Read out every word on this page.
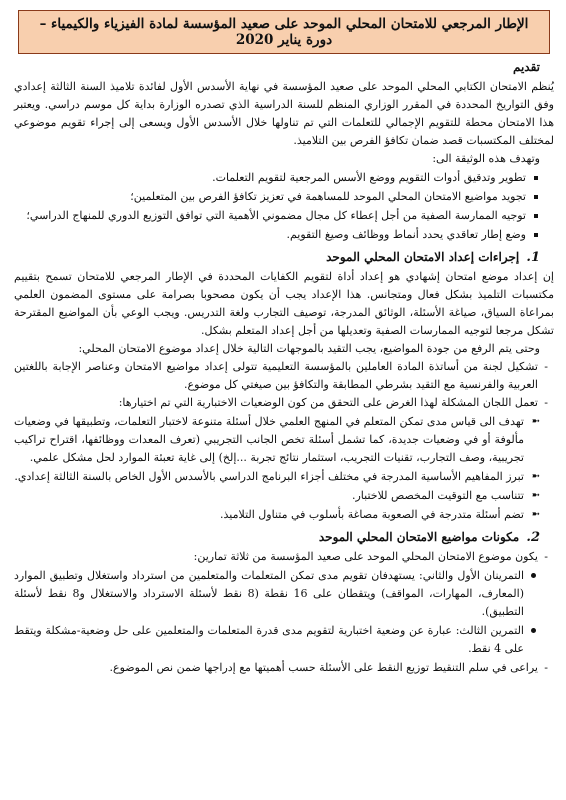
الإطار المرجعي للامتحان المحلي الموحد على صعيد المؤسسة لمادة الفيزياء والكيمياء – دورة يناير 2020
تقديم

يُنظم الامتحان الكتابي المحلي الموحد على صعيد المؤسسة في نهاية الأسدس الأول لفائدة تلاميذ السنة الثالثة إعدادي وفق التواريخ المحددة في المقرر الوزاري المنظم للسنة الدراسية الذي تصدره الوزارة بداية كل موسم دراسي. ويعتبر هذا الامتحان محطة للتقويم الإجمالي للتعلمات التي تم تناولها خلال الأسدس الأول ويسعى إلى إجراء تقويم موضوعي لمختلف المكتسبات قصد ضمان تكافؤ الفرص بين التلاميذ.

وتهدف هذه الوثيقة الى:

تطوير وتدقيق أدوات التقويم ووضع الأسس المرجعية لتقويم التعلمات.
تجويد مواضيع الامتحان المحلي الموحد للمساهمة في تعزيز تكافؤ الفرص بين المتعلمين؛
توجيه الممارسة الصفية من أجل إعطاء كل مجال مضموني الأهمية التي توافق التوزيع الدوري للمنهاج الدراسي؛
وضع إطار تعاقدي يحدد أنماط ووظائف وصيغ التقويم.
1. إجراءات إعداد الامتحان المحلي الموحد

إن إعداد موضع امتحان إشهادي هو إعداد أداة لتقويم الكفايات المحددة في الإطار المرجعي للامتحان تسمح بتقييم مكتسبات التلميذ بشكل فعال ومتجانس. هذا الإعداد يجب أن يكون مصحوبا بصرامة على مستوى المضمون العلمي بمراعاة السياق، صياغة الأسئلة، الوثائق المدرجة، توصيف التجارب ولغة التدريس. ويجب الوعي بأن المواضيع المقترحة تشكل مرجعا لتوجيه الممارسات الصفية وتعديلها من أجل إعداد المتعلم بشكل.

وحتى يتم الرفع من جودة المواضيع، يجب التقيد بالموجهات التالية خلال إعداد موضوع الامتحان المحلي:

-
تشكيل لجنة من أساتذة المادة العاملين بالمؤسسة التعليمية تتولى إعداد مواضيع الامتحان وعناصر الإجابة باللغتين العربية والفرنسية مع التقيد بشرطي المطابقة والتكافؤ بين صيغتي كل موضوع.
-
تعمل اللجان المشكلة لهذا الغرض على التحقق من كون الوضعيات الاختبارية التي تم اختيارها:
➼
تهدف الى قياس مدى تمكن المتعلم في المنهج العلمي خلال أسئلة متنوعة لاختبار التعلمات، وتطبيقها في وضعيات مألوفة أو في وضعيات جديدة، كما تشمل أسئلة تخص الجانب التجريبي (تعرف المعدات ووظائفها، اقتراح تراكيب تجريبية، وصف التجارب، تقنيات التجريب، استثمار نتائج تجربة ...إلخ) إلى غاية تعبئة الموارد لحل مشكل علمي.
➼
تبرز المفاهيم الأساسية المدرجة في مختلف أجزاء البرنامج الدراسي بالأسدس الأول الخاص بالسنة الثالثة إعدادي.
➼
تتناسب مع التوقيت المخصص للاختبار.
➼
تضم أسئلة متدرجة في الصعوبة مصاغة بأسلوب في متناول التلاميذ.
2. مكونات مواضيع الامتحان المحلي الموحد
-
يكون موضوع الامتحان المحلي الموحد على صعيد المؤسسة من ثلاثة تمارين:
التمرينان الأول والثاني: يستهدفان تقويم مدى تمكن المتعلمات والمتعلمين من استرداد واستغلال وتطبيق الموارد (المعارف، المهارات، المواقف) ويتقطان على 16 نقطة (8 نقط لأسئلة الاسترداد والاستغلال و8 نقط لأسئلة التطبيق).
التمرين الثالث: عبارة عن وضعية اختبارية لتقويم مدى قدرة المتعلمات والمتعلمين على حل وضعية-مشكلة ويتقط على 4 نقط.
-
يراعى في سلم التنقيط توزيع النقط على الأسئلة حسب أهميتها مع إدراجها ضمن نص الموضوع.
